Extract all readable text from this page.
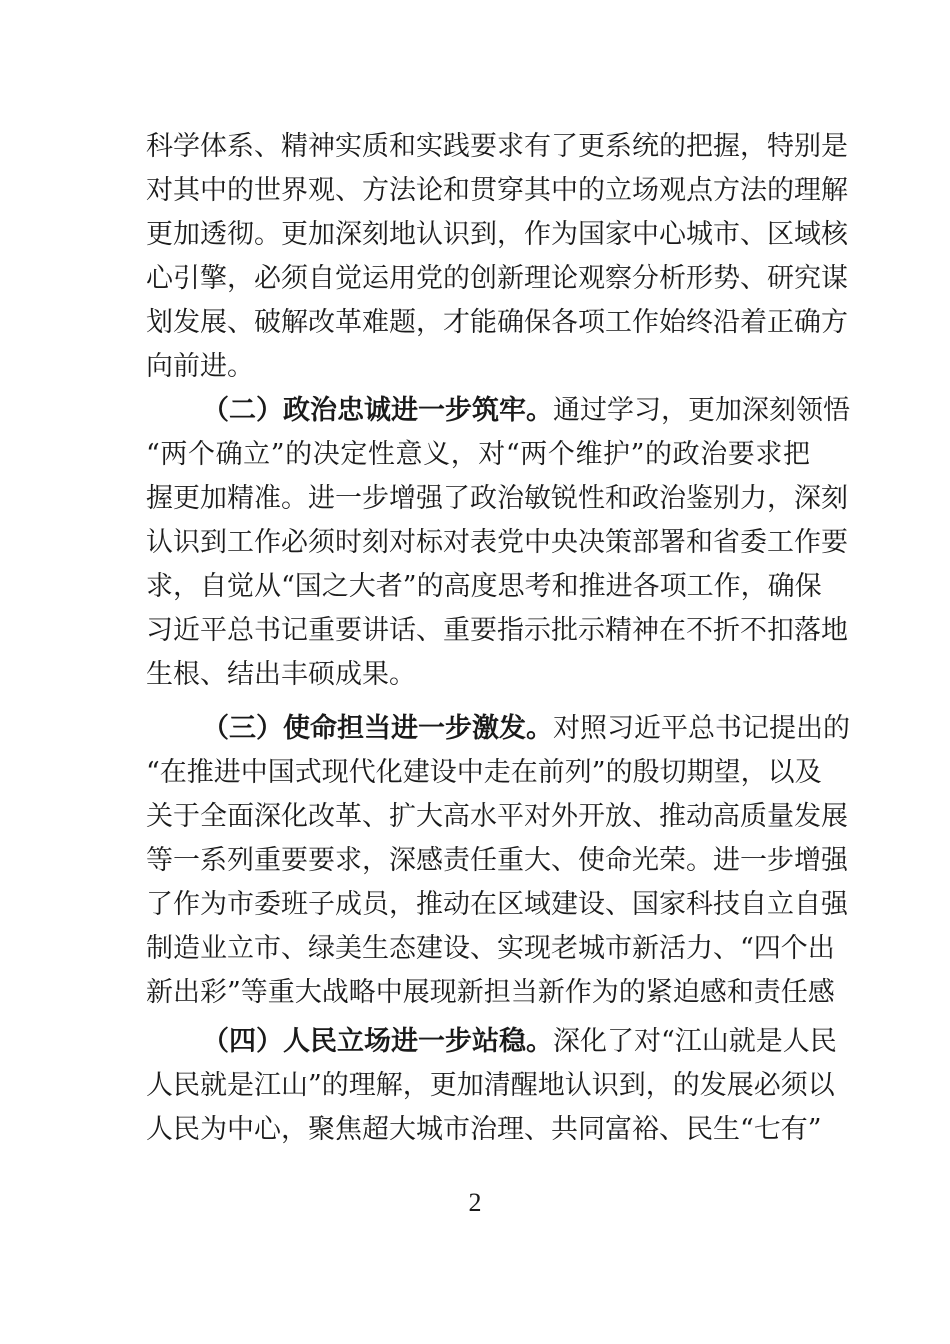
科学体系、精神实质和实践要求有了更系统的把握，特别是
对其中的世界观、方法论和贯穿其中的立场观点方法的理解
更加透彻。更加深刻地认识到，作为国家中心城市、区域核
心引擎，必须自觉运用党的创新理论观察分析形势、研究谋
划发展、破解改革难题，才能确保各项工作始终沿着正确方
向前进。
（二）政治忠诚进一步筑牢。通过学习，更加深刻领悟
“两个确立”的决定性意义，对“两个维护”的政治要求把
握更加精准。进一步增强了政治敏锐性和政治鉴别力，深刻
认识到工作必须时刻对标对表党中央决策部署和省委工作要
求，自觉从“国之大者”的高度思考和推进各项工作，确保
习近平总书记重要讲话、重要指示批示精神在不折不扣落地
生根、结出丰硕成果。
（三）使命担当进一步激发。对照习近平总书记提出的
“在推进中国式现代化建设中走在前列”的殷切期望，以及
关于全面深化改革、扩大高水平对外开放、推动高质量发展
等一系列重要要求，深感责任重大、使命光荣。进一步增强
了作为市委班子成员，推动在区域建设、国家科技自立自强
制造业立市、绿美生态建设、实现老城市新活力、“四个出
新出彩”等重大战略中展现新担当新作为的紧迫感和责任感
（四）人民立场进一步站稳。深化了对“江山就是人民
人民就是江山”的理解，更加清醒地认识到，的发展必须以
人民为中心，聚焦超大城市治理、共同富裕、民生“七有”
2
